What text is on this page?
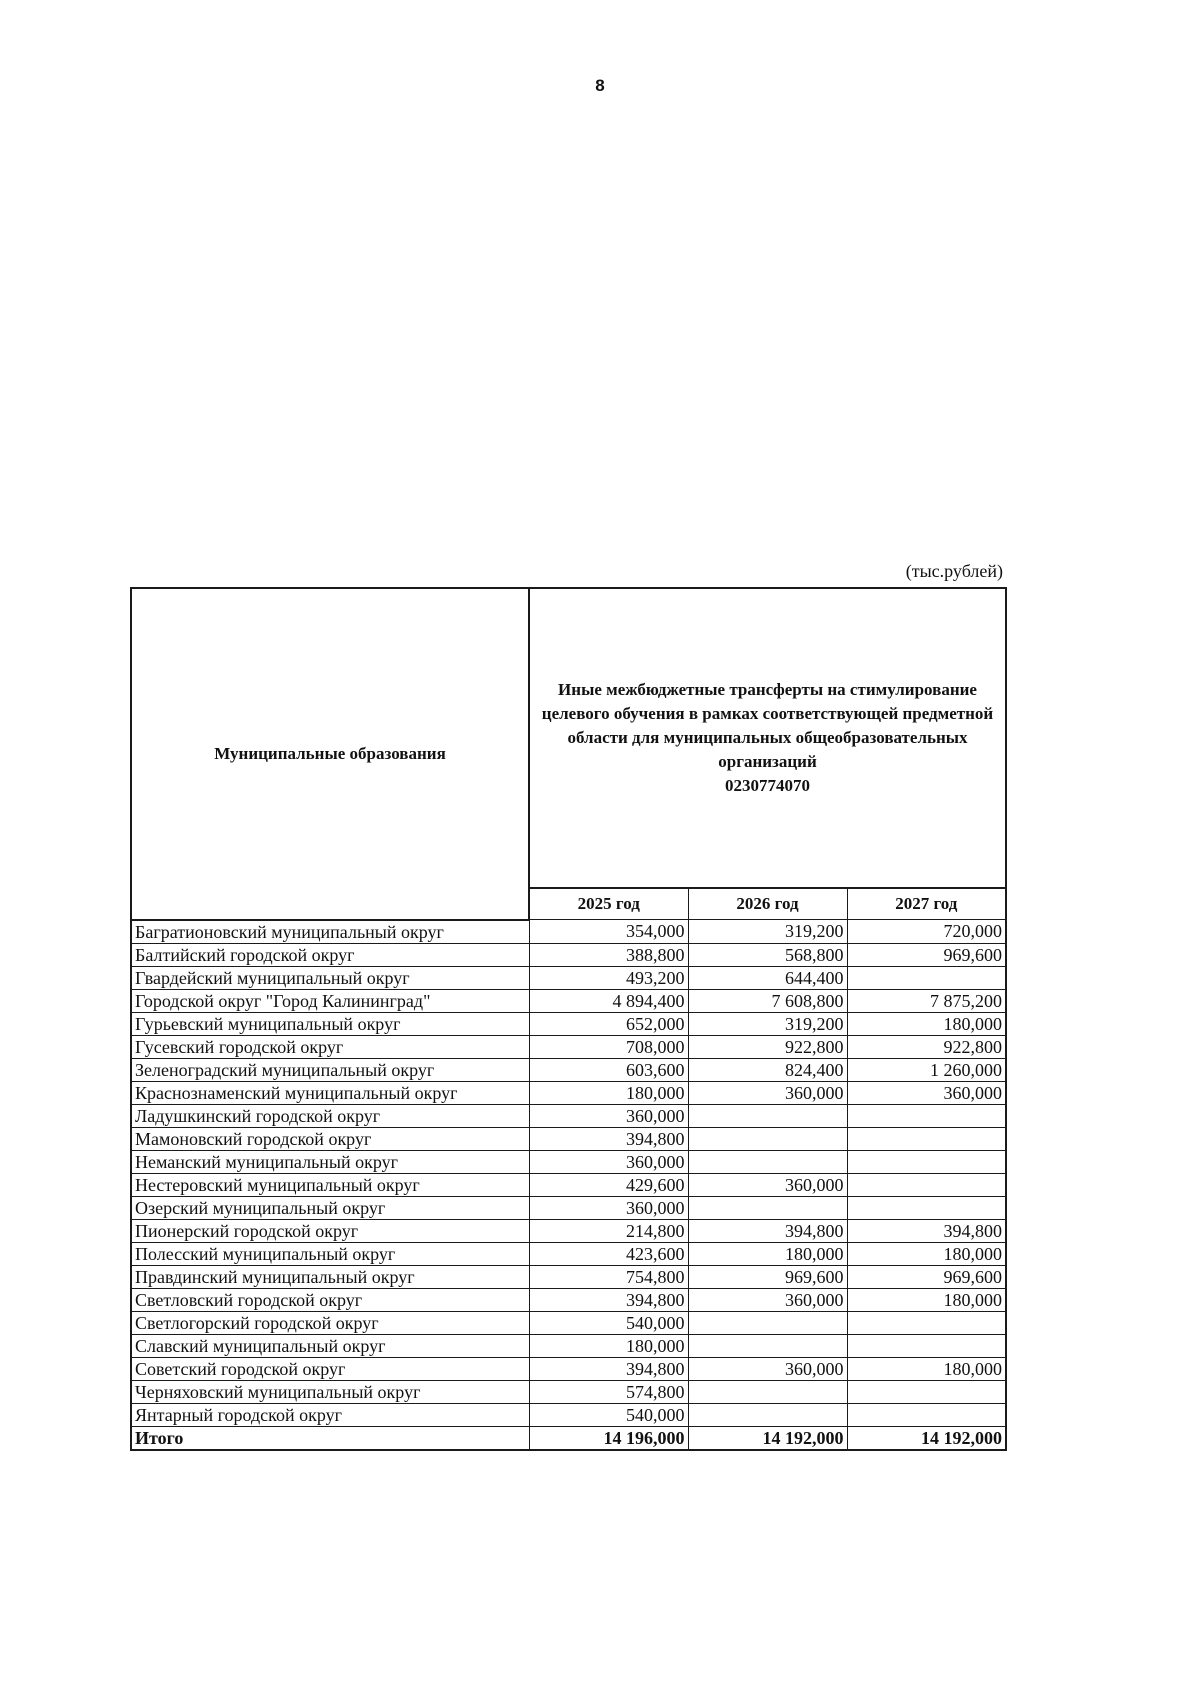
8
(тыс.рублей)
Муниципальные образования	Иные межбюджетные трансферты на стимулирование целевого обучения в рамках соответствующей предметной области для муниципальных общеобразовательных организаций
0230774070		
	2025 год	2026 год	2027 год
Багратионовский муниципальный округ	354,000	319,200	720,000
Балтийский городской округ	388,800	568,800	969,600
Гвардейский муниципальный округ	493,200	644,400	
Городской округ "Город Калининград"	4 894,400	7 608,800	7 875,200
Гурьевский муниципальный округ	652,000	319,200	180,000
Гусевский городской округ	708,000	922,800	922,800
Зеленоградский муниципальный округ	603,600	824,400	1 260,000
Краснознаменский муниципальный округ	180,000	360,000	360,000
Ладушкинский городской округ	360,000		
Мамоновский городской округ	394,800		
Неманский муниципальный округ	360,000		
Нестеровский муниципальный округ	429,600	360,000	
Озерский муниципальный округ	360,000		
Пионерский городской округ	214,800	394,800	394,800
Полесский муниципальный округ	423,600	180,000	180,000
Правдинский муниципальный округ	754,800	969,600	969,600
Светловский городской округ	394,800	360,000	180,000
Светлогорский городской округ	540,000		
Славский муниципальный округ	180,000		
Советский городской округ	394,800	360,000	180,000
Черняховский муниципальный округ	574,800		
Янтарный городской округ	540,000		
Итого	14 196,000	14 192,000	14 192,000
